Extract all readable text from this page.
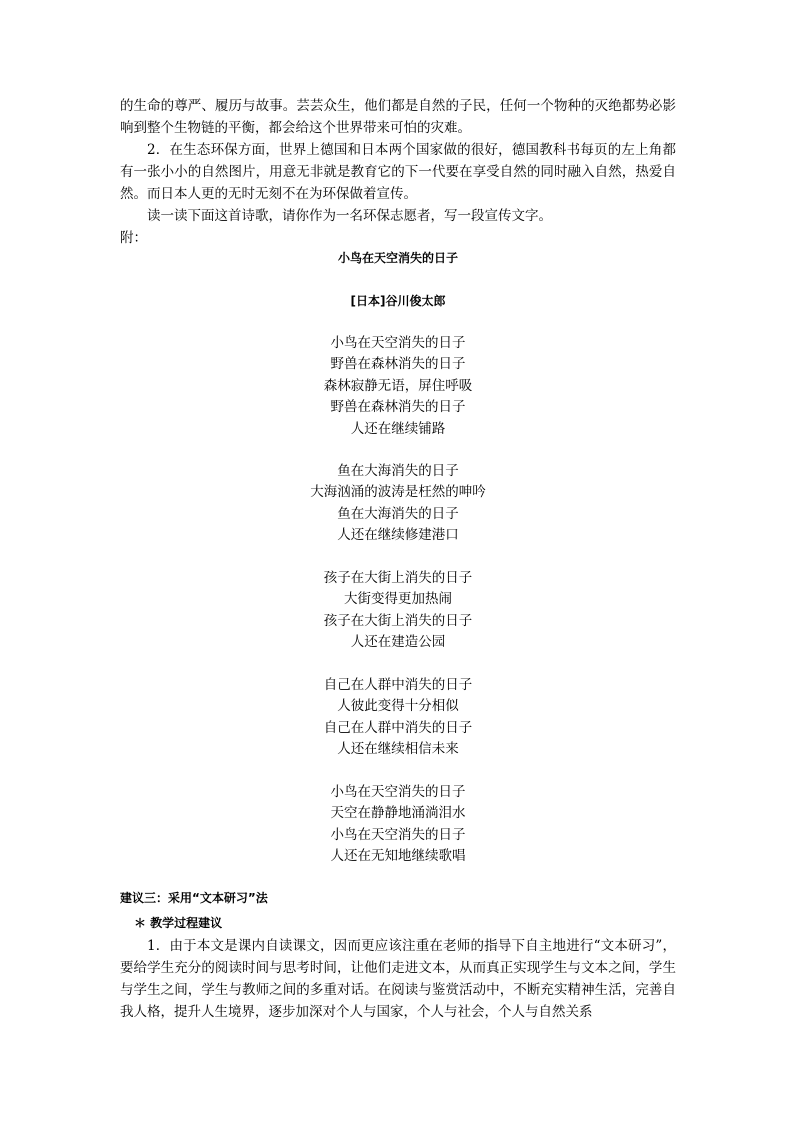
的生命的尊严、履历与故事。芸芸众生，他们都是自然的子民，任何一个物种的灭绝都势必影响到整个生物链的平衡，都会给这个世界带来可怕的灾难。

2．在生态环保方面，世界上德国和日本两个国家做的很好，德国教科书每页的左上角都有一张小小的自然图片，用意无非就是教育它的下一代要在享受自然的同时融入自然，热爱自然。而日本人更的无时无刻不在为环保做着宣传。

读一读下面这首诗歌，请你作为一名环保志愿者，写一段宣传文字。

附：

小鸟在天空消失的日子

[日本]谷川俊太郎

小鸟在天空消失的日子
野兽在森林消失的日子
森林寂静无语，屏住呼吸
野兽在森林消失的日子
人还在继续铺路
鱼在大海消失的日子
大海汹涌的波涛是枉然的呻吟
鱼在大海消失的日子
人还在继续修建港口
孩子在大街上消失的日子
大街变得更加热闹
孩子在大街上消失的日子
人还在建造公园
自己在人群中消失的日子
人彼此变得十分相似
自己在人群中消失的日子
人还在继续相信未来
小鸟在天空消失的日子
天空在静静地涌淌泪水
小鸟在天空消失的日子
人还在无知地继续歌唱

建议三：采用“文本研习”法

＊ 教学过程建议

1．由于本文是课内自读课文，因而更应该注重在老师的指导下自主地进行“文本研习”，要给学生充分的阅读时间与思考时间，让他们走进文本，从而真正实现学生与文本之间，学生与学生之间，学生与教师之间的多重对话。在阅读与鉴赏活动中，不断充实精神生活，完善自我人格，提升人生境界，逐步加深对个人与国家，个人与社会，个人与自然关系
